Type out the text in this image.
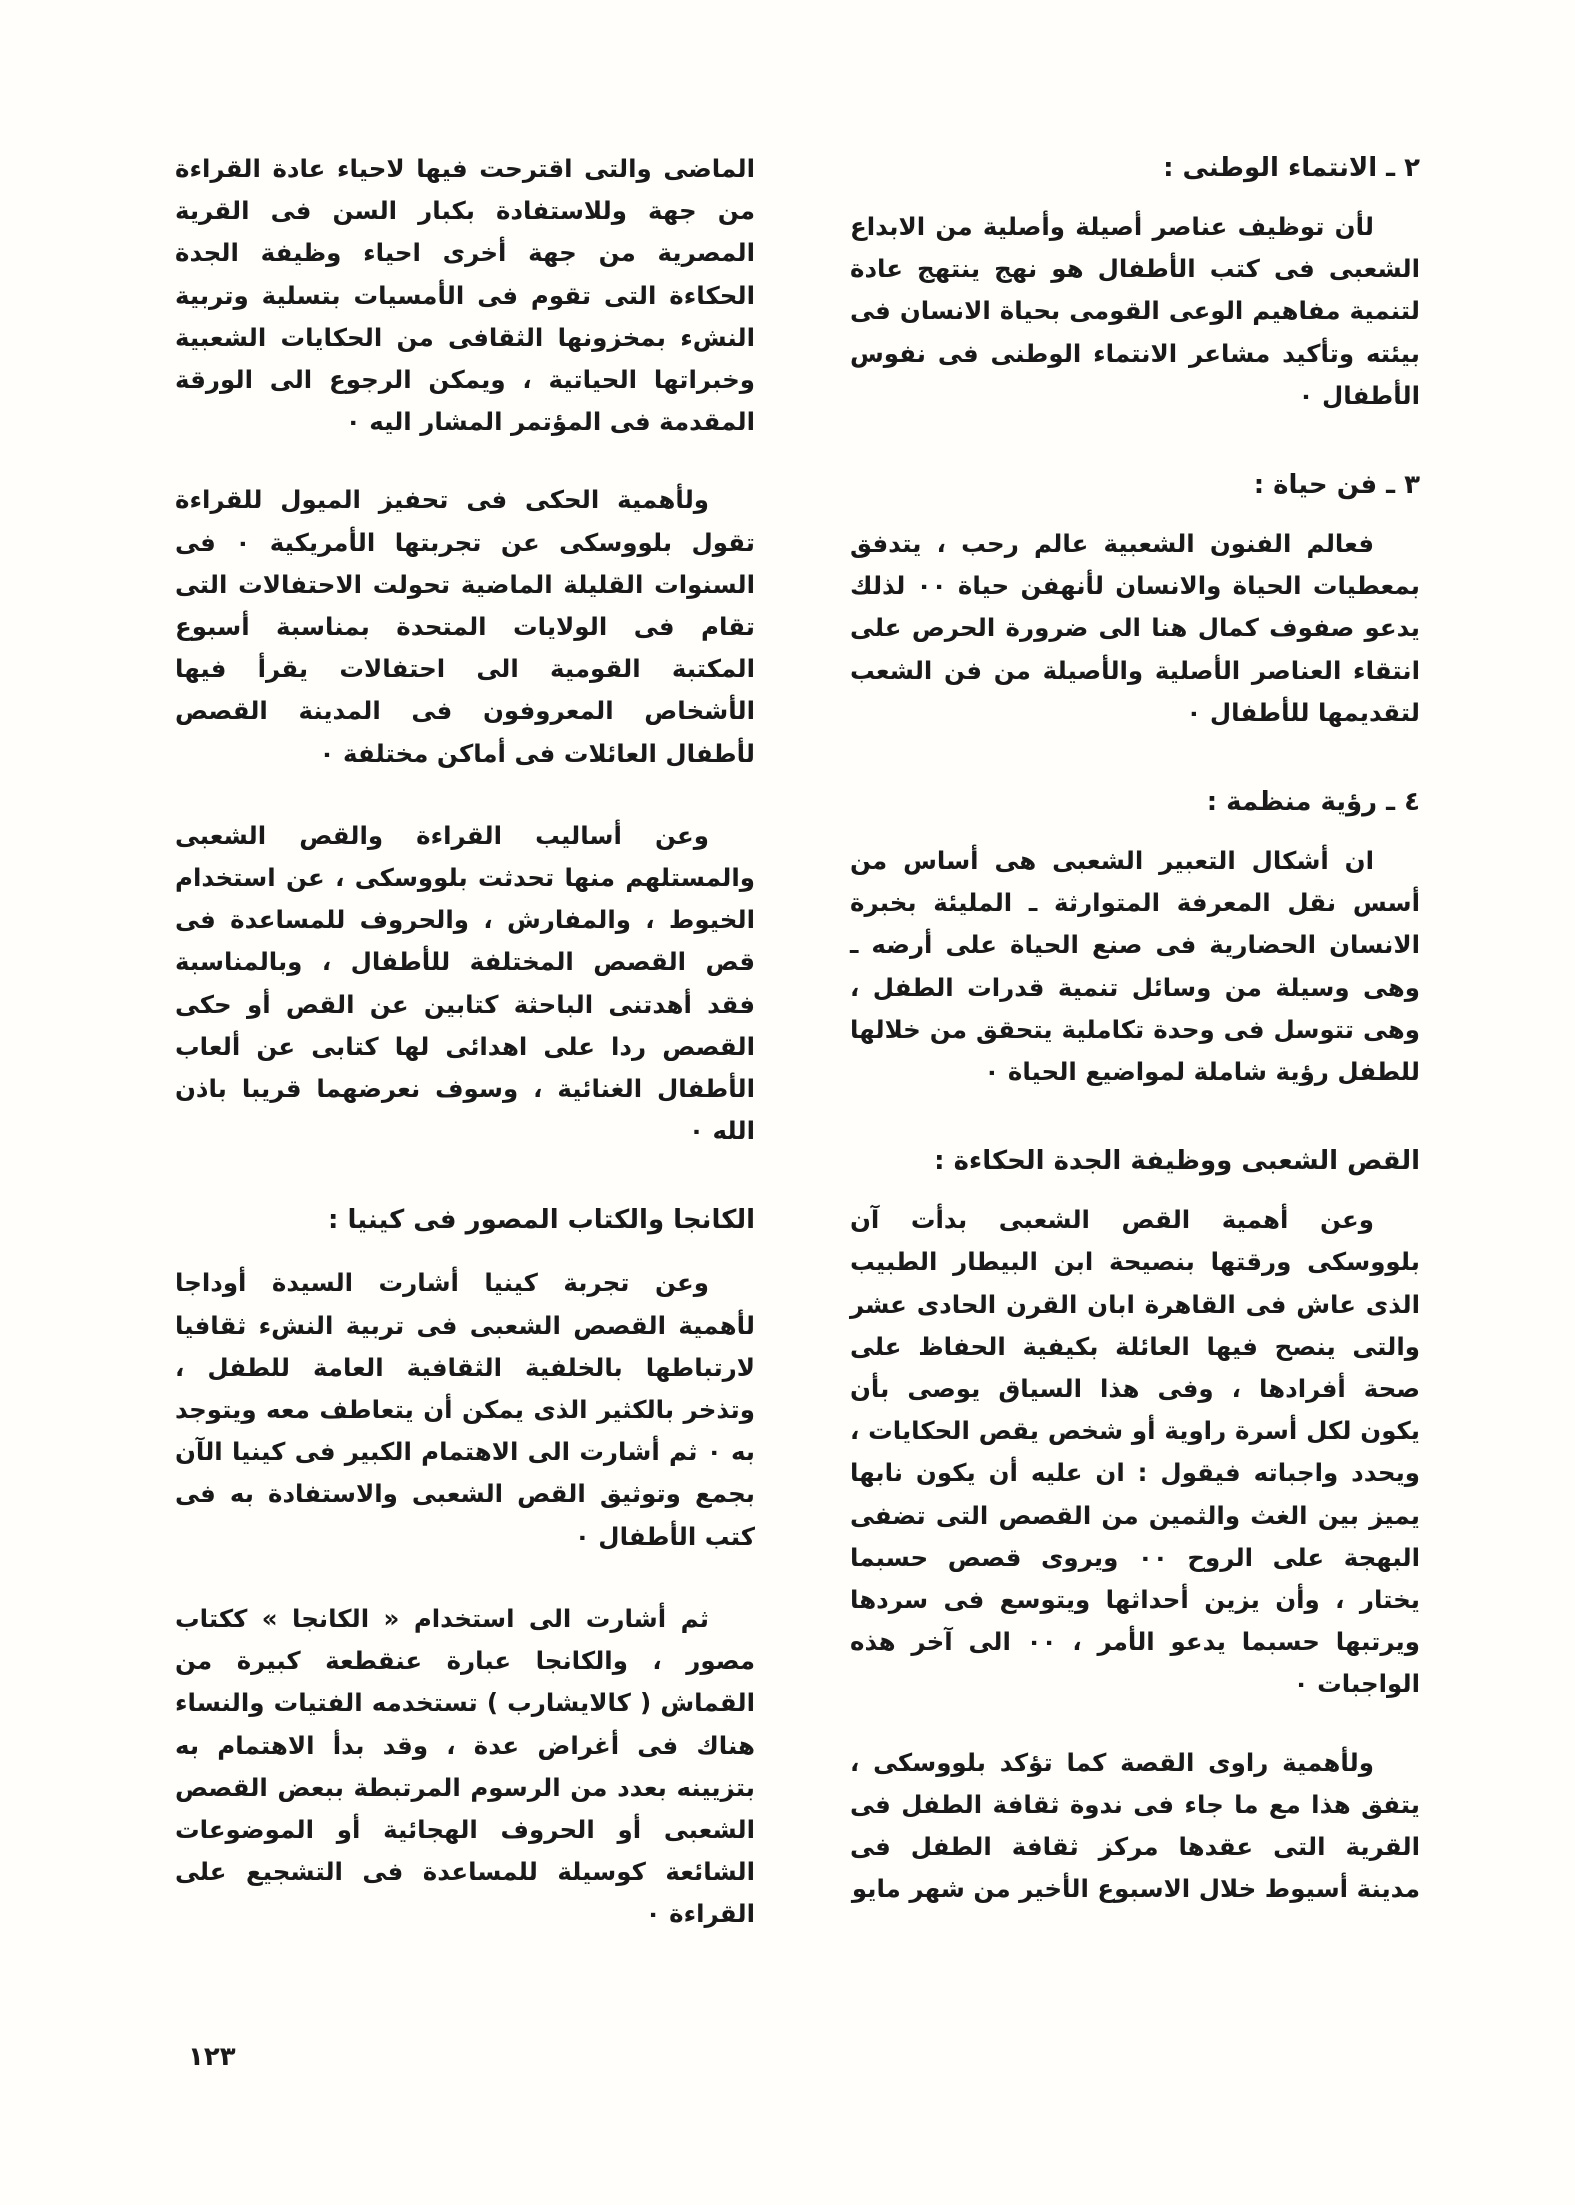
٢ ـ الانتماء الوطنى :

لأن توظيف عناصر أصيلة وأصلية من الابداع الشعبى فى كتب الأطفال هو نهج ينتهج عادة لتنمية مفاهيم الوعى القومى بحياة الانسان فى بيئته وتأكيد مشاعر الانتماء الوطنى فى نفوس الأطفال ٠

٣ ـ فن حياة :

فعالم الفنون الشعبية عالم رحب ، يتدفق بمعطيات الحياة والانسان لأنهفن حياة ٠٠ لذلك يدعو صفوف كمال هنا الى ضرورة الحرص على انتقاء العناصر الأصلية والأصيلة من فن الشعب لتقديمها للأطفال ٠

٤ ـ رؤية منظمة :

ان أشكال التعبير الشعبى هى أساس من أسس نقل المعرفة المتوارثة ـ المليئة بخبرة الانسان الحضارية فى صنع الحياة على أرضه ـ وهى وسيلة من وسائل تنمية قدرات الطفل ، وهى تتوسل فى وحدة تكاملية يتحقق من خلالها للطفل رؤية شاملة لمواضيع الحياة ٠

القص الشعبى ووظيفة الجدة الحكاءة :

وعن أهمية القص الشعبى بدأت آن بلووسكى ورقتها بنصيحة ابن البيطار الطبيب الذى عاش فى القاهرة ابان القرن الحادى عشر والتى ينصح فيها العائلة بكيفية الحفاظ على صحة أفرادها ، وفى هذا السياق يوصى بأن يكون لكل أسرة راوية أو شخص يقص الحكايات ، ويحدد واجباته فيقول : ان عليه أن يكون نابها يميز بين الغث والثمين من القصص التى تضفى البهجة على الروح ٠٠ ويروى قصص حسبما يختار ، وأن يزين أحداثها ويتوسع فى سردها ويرتبها حسبما يدعو الأمر ، ٠٠ الى آخر هذه الواجبات ٠

ولأهمية راوى القصة كما تؤكد بلووسكى ، يتفق هذا مع ما جاء فى ندوة ثقافة الطفل فى القرية التى عقدها مركز ثقافة الطفل فى مدينة أسيوط خلال الاسبوع الأخير من شهر مايو

الماضى والتى اقترحت فيها لاحياء عادة القراءة من جهة وللاستفادة بكبار السن فى القرية المصرية من جهة أخرى احياء وظيفة الجدة الحكاءة التى تقوم فى الأمسيات بتسلية وتربية النشء بمخزونها الثقافى من الحكايات الشعبية وخبراتها الحياتية ، ويمكن الرجوع الى الورقة المقدمة فى المؤتمر المشار اليه ٠

ولأهمية الحكى فى تحفيز الميول للقراءة تقول بلووسكى عن تجربتها الأمريكية ٠ فى السنوات القليلة الماضية تحولت الاحتفالات التى تقام فى الولايات المتحدة بمناسبة أسبوع المكتبة القومية الى احتفالات يقرأ فيها الأشخاص المعروفون فى المدينة القصص لأطفال العائلات فى أماكن مختلفة ٠

وعن أساليب القراءة والقص الشعبى والمستلهم منها تحدثت بلووسكى ، عن استخدام الخيوط ، والمفارش ، والحروف للمساعدة فى قص القصص المختلفة للأطفال ، وبالمناسبة فقد أهدتنى الباحثة كتابين عن القص أو حكى القصص ردا على اهدائى لها كتابى عن ألعاب الأطفال الغنائية ، وسوف نعرضهما قريبا باذن الله ٠

الكانجا والكتاب المصور فى كينيا :

وعن تجربة كينيا أشارت السيدة أوداجا لأهمية القصص الشعبى فى تربية النشء ثقافيا لارتباطها بالخلفية الثقافية العامة للطفل ، وتذخر بالكثير الذى يمكن أن يتعاطف معه ويتوجد به ٠ ثم أشارت الى الاهتمام الكبير فى كينيا الآن بجمع وتوثيق القص الشعبى والاستفادة به فى كتب الأطفال ٠

ثم أشارت الى استخدام « الكانجا » ككتاب مصور ، والكانجا عبارة عنقطعة كبيرة من القماش ( كالايشارب ) تستخدمه الفتيات والنساء هناك فى أغراض عدة ، وقد بدأ الاهتمام به بتزيينه بعدد من الرسوم المرتبطة ببعض القصص الشعبى أو الحروف الهجائية أو الموضوعات الشائعة كوسيلة للمساعدة فى التشجيع على القراءة ٠

١٢٣
